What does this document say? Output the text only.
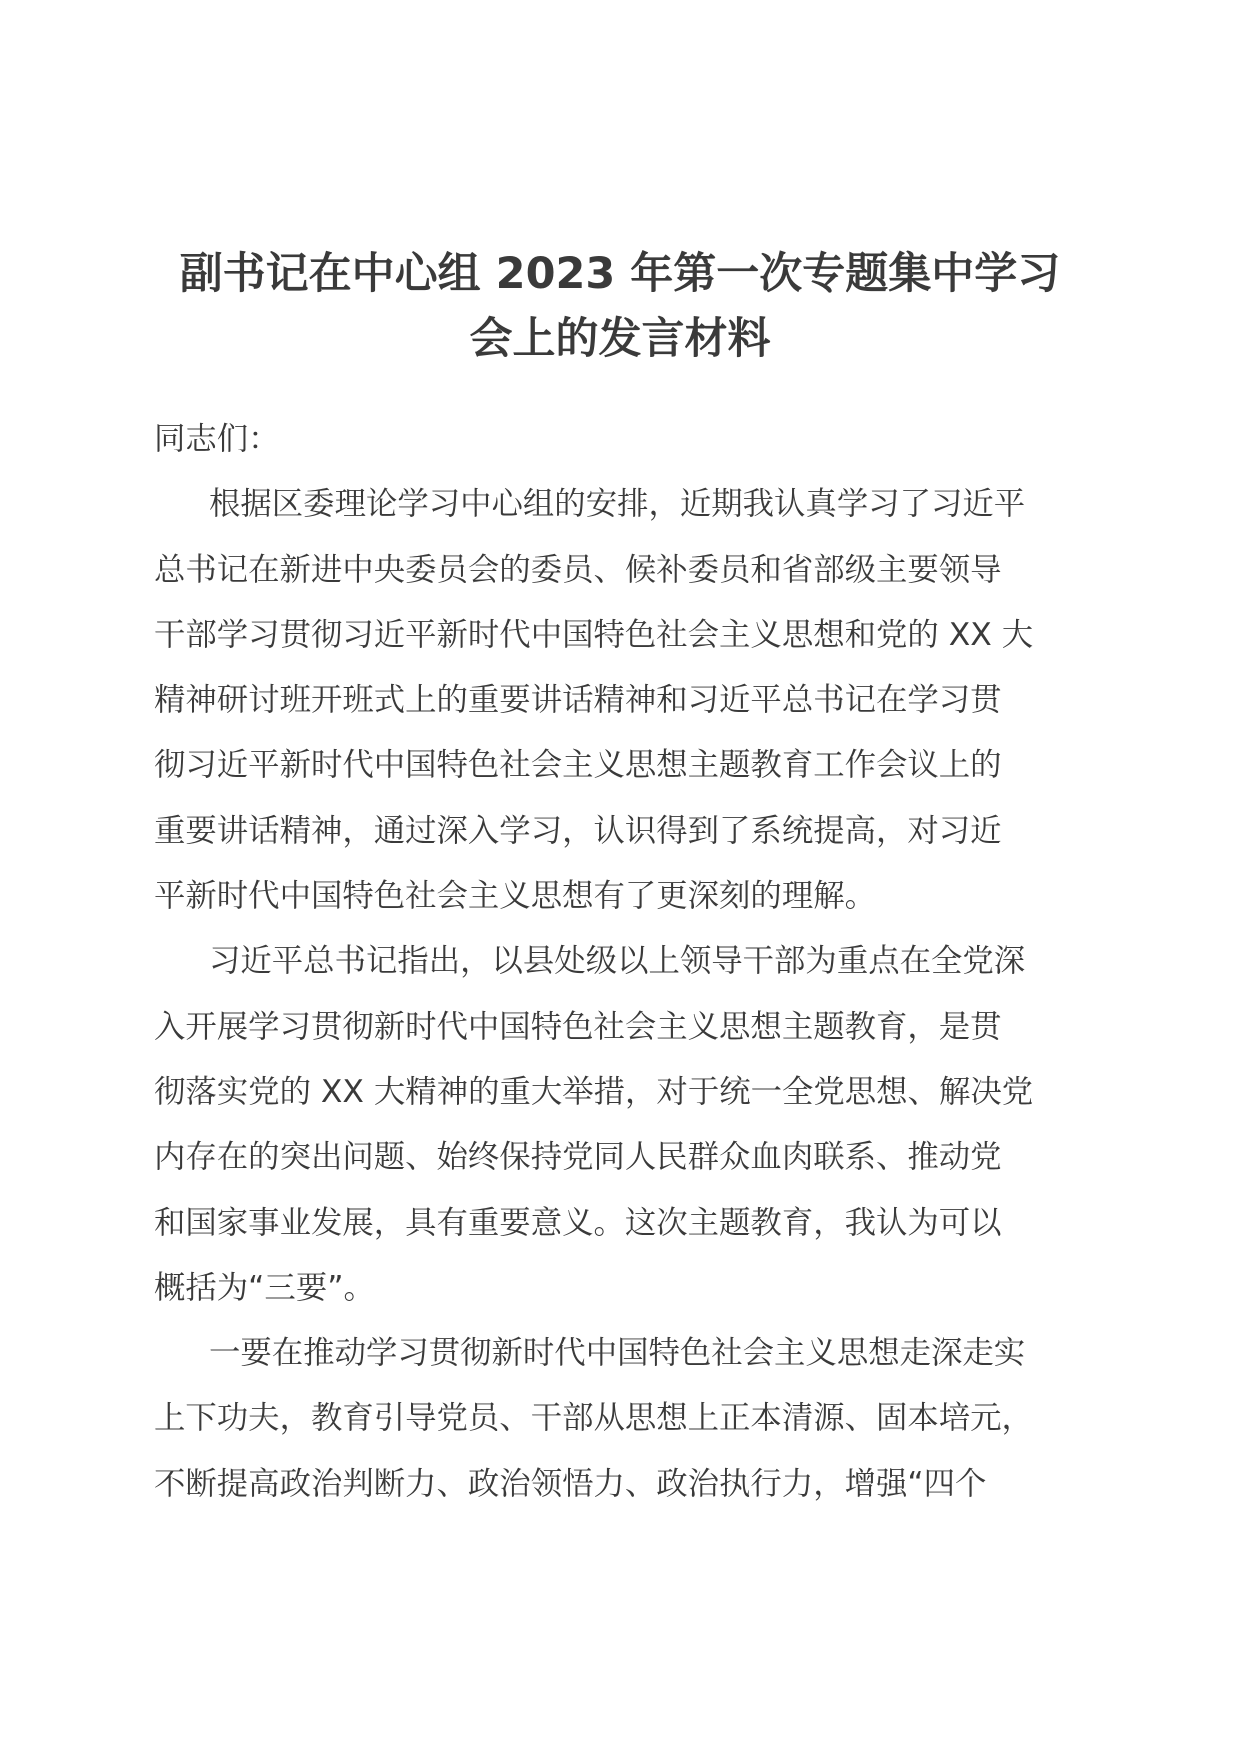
副书记在中心组 2023 年第一次专题集中学习
会上的发言材料
同志们：
根据区委理论学习中心组的安排，近期我认真学习了习近平
总书记在新进中央委员会的委员、候补委员和省部级主要领导
干部学习贯彻习近平新时代中国特色社会主义思想和党的 XX 大
精神研讨班开班式上的重要讲话精神和习近平总书记在学习贯
彻习近平新时代中国特色社会主义思想主题教育工作会议上的
重要讲话精神，通过深入学习，认识得到了系统提高，对习近
平新时代中国特色社会主义思想有了更深刻的理解。
习近平总书记指出，以县处级以上领导干部为重点在全党深
入开展学习贯彻新时代中国特色社会主义思想主题教育，是贯
彻落实党的 XX 大精神的重大举措，对于统一全党思想、解决党
内存在的突出问题、始终保持党同人民群众血肉联系、推动党
和国家事业发展，具有重要意义。这次主题教育，我认为可以
概括为“三要”。
一要在推动学习贯彻新时代中国特色社会主义思想走深走实
上下功夫，教育引导党员、干部从思想上正本清源、固本培元，
不断提高政治判断力、政治领悟力、政治执行力，增强“四个
